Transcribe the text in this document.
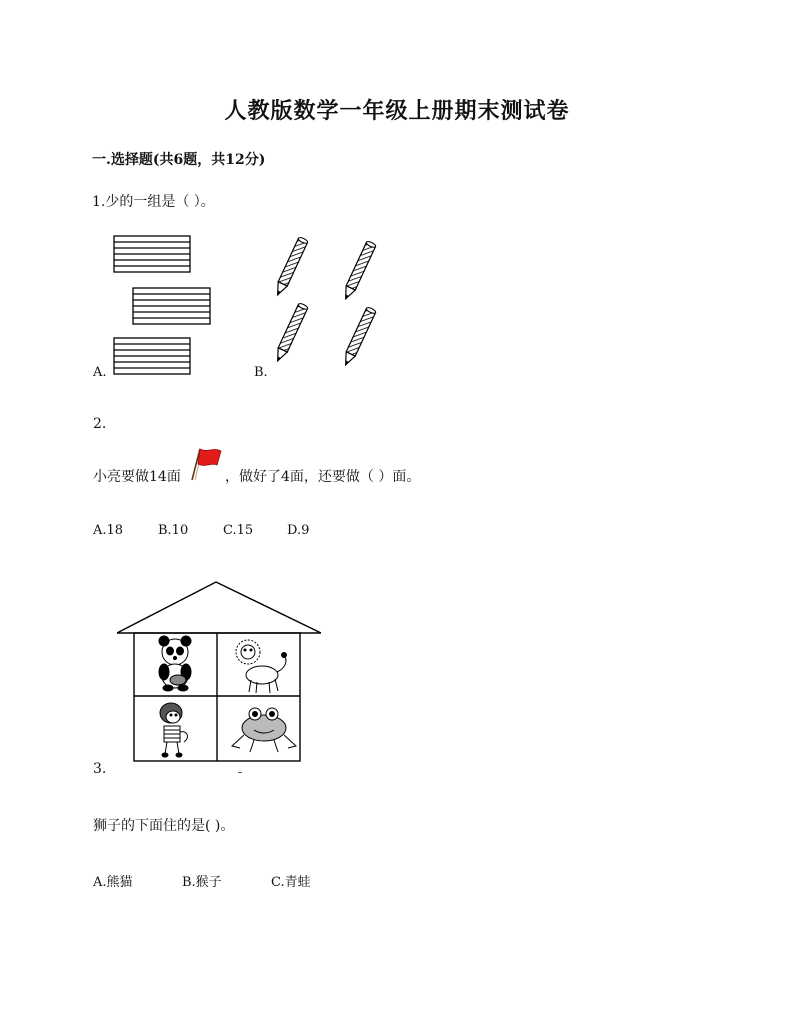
人教版数学一年级上册期末测试卷
一.选择题(共6题，共12分)
1.少的一组是（ ）。
A.	B.
2.
小亮要做14面	，做好了4面，还要做（ ）面。
A.18	B.10	C.15	D.9
3.
狮子的下面住的是( )。
A.熊猫	B.猴子	C.青蛙
